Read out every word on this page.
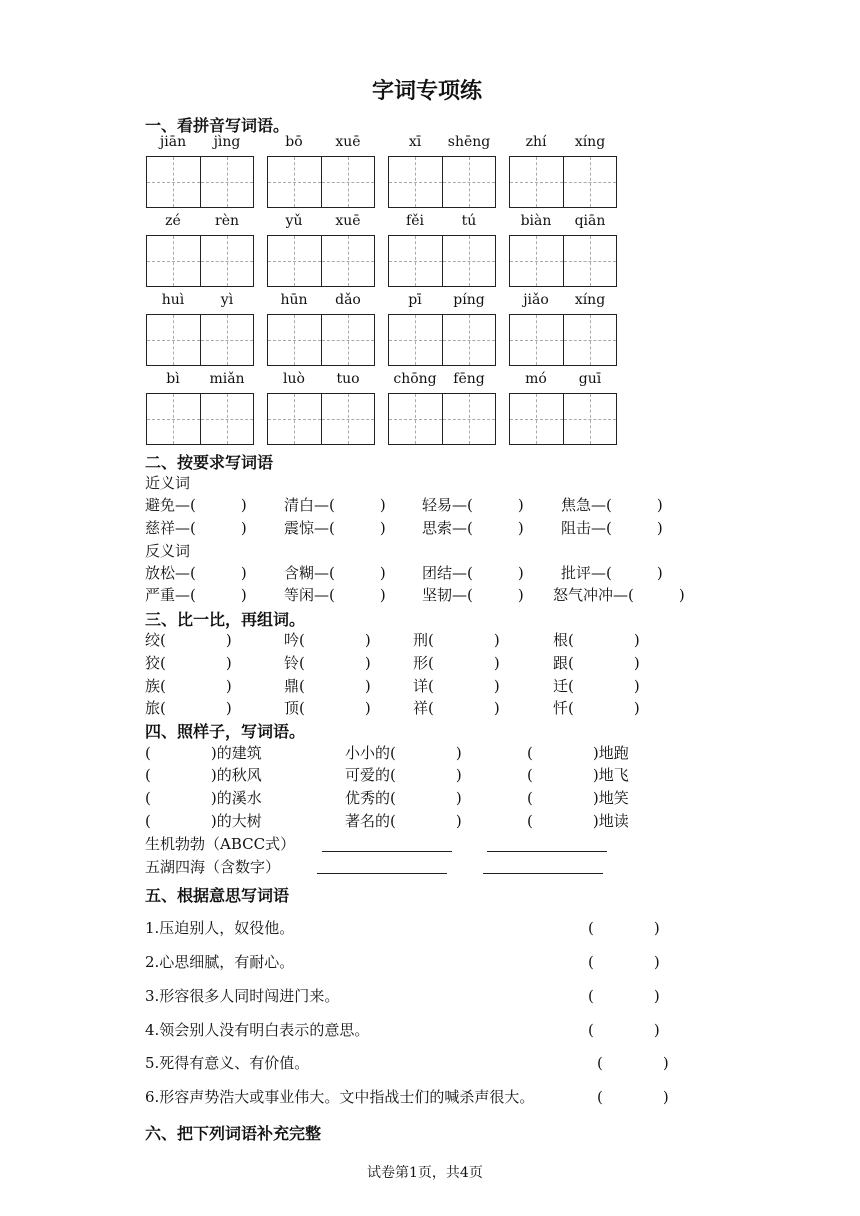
字词专项练
一、看拼音写词语。
jiān	jìng	bō	xuē	xī	shēng	zhí	xíng
zé	rèn	yǔ	xuē	fěi	tú	biàn	qiān
huì	yì	hūn	dǎo	pī	píng	jiǎo	xíng
bì	miǎn	luò	tuo	chōng	fēng	mó	guī
二、按要求写词语
近义词
避免—(　　　) 清白—(　　　) 轻易—(　　　) 焦急—(　　　)
慈祥—(　　　) 震惊—(　　　) 思索—(　　　) 阻击—(　　　)
反义词
放松—(　　　) 含糊—(　　　) 团结—(　　　) 批评—(　　　)
严重—(　　　) 等闲—(　　　) 坚韧—(　　　) 怒气冲冲—(　　　)
三、比一比，再组词。
绞(　　　　)	吟(　　　　)	刑(　　　　)	根(　　　　)
狡(　　　　)	铃(　　　　)	形(　　　　)	跟(　　　　)
族(　　　　)	鼎(　　　　)	详(　　　　)	迁(　　　　)
旅(　　　　)	顶(　　　　)	祥(　　　　)	忏(　　　　)
四、照样子，写词语。
(　　　　)的建筑	小小的(　　　　)	(　　　　)地跑
(　　　　)的秋风	可爱的(　　　　)	(　　　　)地飞
(　　　　)的溪水	优秀的(　　　　)	(　　　　)地笑
(　　　　)的大树	著名的(　　　　)	(　　　　)地读
生机勃勃（ABCC式）
五湖四海（含数字）
五、根据意思写词语
1.压迫别人，奴役他。	(　　　　)
2.心思细腻，有耐心。	(　　　　)
3.形容很多人同时闯进门来。	(　　　　)
4.领会别人没有明白表示的意思。	(　　　　)
5.死得有意义、有价值。	(　　　　)
6.形容声势浩大或事业伟大。文中指战士们的喊杀声很大。	(　　　　)
六、把下列词语补充完整
试卷第1页，共4页
